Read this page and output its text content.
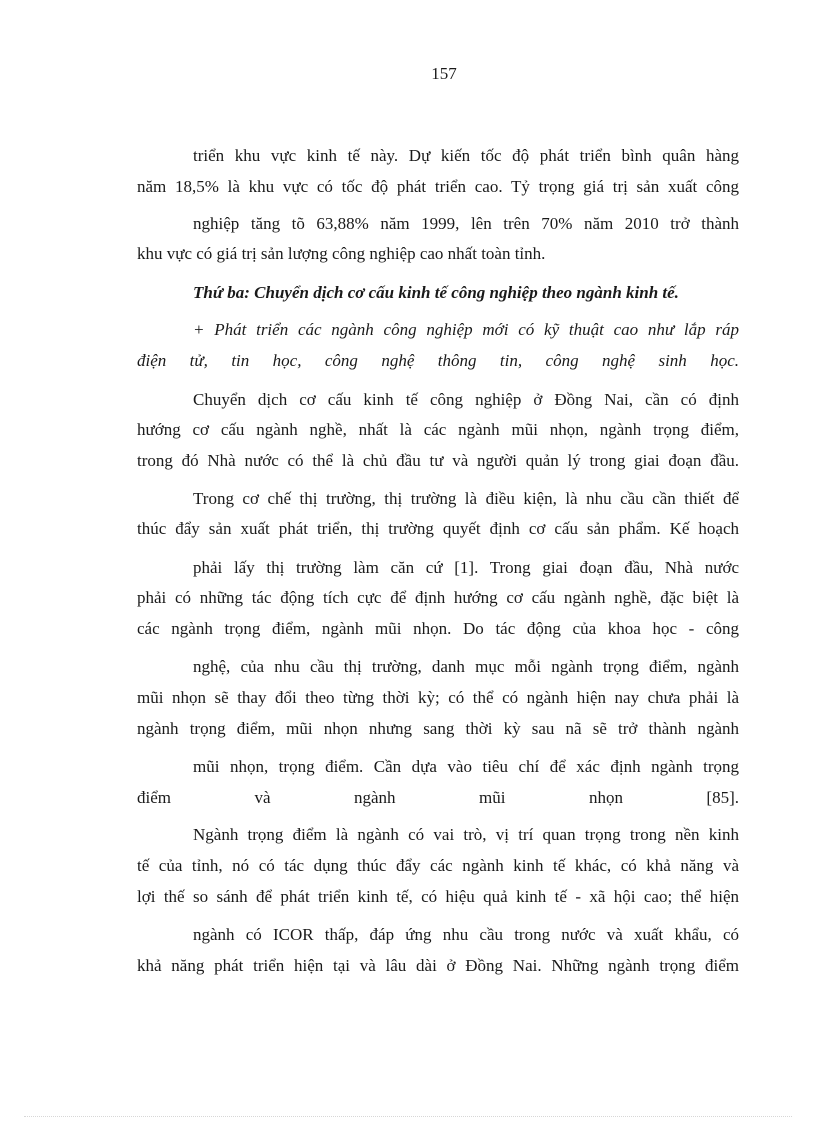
157
triển khu vực kinh tế này. Dự kiến tốc độ phát triển bình quân hàng
năm 18,5% là khu vực có tốc độ phát triển cao. Tỷ trọng giá trị sản xuất công
nghiệp tăng tõ 63,88% năm 1999, lên trên 70% năm 2010 trở thành
khu vực có giá trị sản lượng công nghiệp cao nhất toàn tỉnh.
Thứ ba: Chuyển dịch cơ cấu kinh tế công nghiệp theo ngành kinh tế.
+ Phát triển các ngành công nghiệp mới có kỹ thuật cao như lắp ráp
điện tử, tin học, công nghệ thông tin, công nghệ sinh học.
Chuyển dịch cơ cấu kinh tế công nghiệp ở Đồng Nai, cần có định
hướng cơ cấu ngành nghề, nhất là các ngành mũi nhọn, ngành trọng điểm,
trong đó Nhà nước có thể là chủ đầu tư và người quản lý trong giai đoạn đầu.
Trong cơ chế thị trường, thị trường là điều kiện, là nhu cầu cần thiết để
thúc đẩy sản xuất phát triển, thị trường quyết định cơ cấu sản phẩm. Kế hoạch
phải lấy thị trường làm căn cứ [1]. Trong giai đoạn đầu, Nhà nước
phải có những tác động tích cực để định hướng cơ cấu ngành nghề, đặc biệt là
các ngành trọng điểm, ngành mũi nhọn. Do tác động của khoa học - công
nghệ, của nhu cầu thị trường, danh mục mỗi ngành trọng điểm, ngành
mũi nhọn sẽ thay đổi theo từng thời kỳ; có thể có ngành hiện nay chưa phải là
ngành trọng điểm, mũi nhọn nhưng sang thời kỳ sau nã sẽ trở thành ngành
mũi nhọn, trọng điểm. Cần dựa vào tiêu chí để xác định ngành trọng
điểm và ngành mũi nhọn [85].
Ngành trọng điểm là ngành có vai trò, vị trí quan trọng trong nền kinh
tế của tỉnh, nó có tác dụng thúc đẩy các ngành kinh tế khác, có khả năng và
lợi thế so sánh để phát triển kinh tế, có hiệu quả kinh tế - xã hội cao; thể hiện
ngành có ICOR thấp, đáp ứng nhu cầu trong nước và xuất khẩu, có
khả năng phát triển hiện tại và lâu dài ở Đồng Nai. Những ngành trọng điểm
